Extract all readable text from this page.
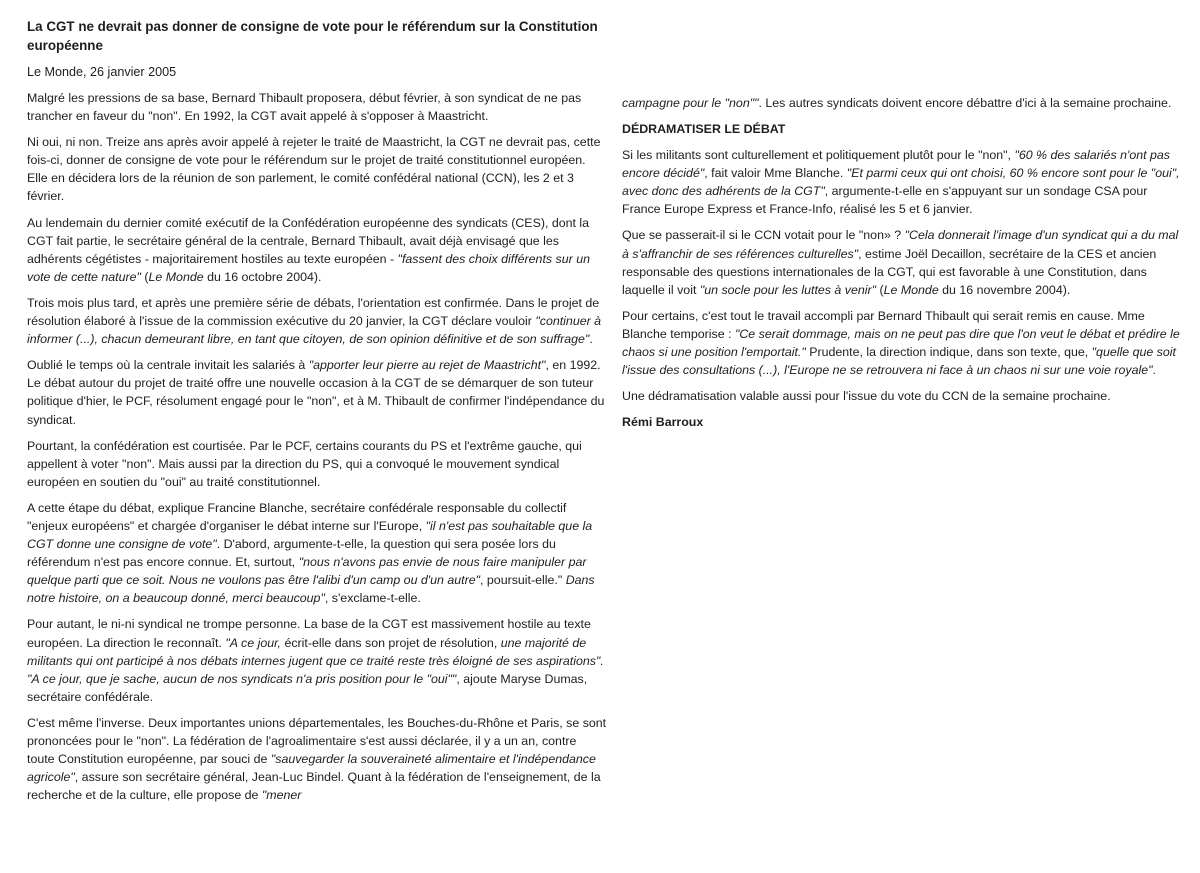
La CGT ne devrait pas donner de consigne de vote pour le référendum sur la Constitution européenne
Le Monde, 26 janvier 2005

Malgré les pressions de sa base, Bernard Thibault proposera, début février, à son syndicat de ne pas trancher en faveur du "non". En 1992, la CGT avait appelé à s'opposer à Maastricht.

Ni oui, ni non. Treize ans après avoir appelé à rejeter le traité de Maastricht, la CGT ne devrait pas, cette fois-ci, donner de consigne de vote pour le référendum sur le projet de traité constitutionnel européen. Elle en décidera lors de la réunion de son parlement, le comité confédéral national (CCN), les 2 et 3 février.

Au lendemain du dernier comité exécutif de la Confédération européenne des syndicats (CES), dont la CGT fait partie, le secrétaire général de la centrale, Bernard Thibault, avait déjà envisagé que les adhérents cégétistes - majoritairement hostiles au texte européen - "fassent des choix différents sur un vote de cette nature" (Le Monde du 16 octobre 2004).

Trois mois plus tard, et après une première série de débats, l'orientation est confirmée. Dans le projet de résolution élaboré à l'issue de la commission exécutive du 20 janvier, la CGT déclare vouloir "continuer à informer (...), chacun demeurant libre, en tant que citoyen, de son opinion définitive et de son suffrage".

Oublié le temps où la centrale invitait les salariés à "apporter leur pierre au rejet de Maastricht", en 1992. Le débat autour du projet de traité offre une nouvelle occasion à la CGT de se démarquer de son tuteur politique d'hier, le PCF, résolument engagé pour le "non", et à M. Thibault de confirmer l'indépendance du syndicat.

Pourtant, la confédération est courtisée. Par le PCF, certains courants du PS et l'extrême gauche, qui appellent à voter "non". Mais aussi par la direction du PS, qui a convoqué le mouvement syndical européen en soutien du "oui" au traité constitutionnel.

A cette étape du débat, explique Francine Blanche, secrétaire confédérale responsable du collectif "enjeux européens" et chargée d'organiser le débat interne sur l'Europe, "il n'est pas souhaitable que la CGT donne une consigne de vote". D'abord, argumente-t-elle, la question qui sera posée lors du référendum n'est pas encore connue. Et, surtout, "nous n'avons pas envie de nous faire manipuler par quelque parti que ce soit. Nous ne voulons pas être l'alibi d'un camp ou d'un autre", poursuit-elle." Dans notre histoire, on a beaucoup donné, merci beaucoup", s'exclame-t-elle.

Pour autant, le ni-ni syndical ne trompe personne. La base de la CGT est massivement hostile au texte européen. La direction le reconnaît. "A ce jour, écrit-elle dans son projet de résolution, une majorité de militants qui ont participé à nos débats internes jugent que ce traité reste très éloigné de ses aspirations". "A ce jour, que je sache, aucun de nos syndicats n'a pris position pour le "oui"", ajoute Maryse Dumas, secrétaire confédérale.

C'est même l'inverse. Deux importantes unions départementales, les Bouches-du-Rhône et Paris, se sont prononcées pour le "non". La fédération de l'agroalimentaire s'est aussi déclarée, il y a un an, contre toute Constitution européenne, par souci de "sauvegarder la souveraineté alimentaire et l'indépendance agricole", assure son secrétaire général, Jean-Luc Bindel. Quant à la fédération de l'enseignement, de la recherche et de la culture, elle propose de "mener

campagne pour le "non"". Les autres syndicats doivent encore débattre d'ici à la semaine prochaine.

DÉDRAMATISER LE DÉBAT

Si les militants sont culturellement et politiquement plutôt pour le "non", "60 % des salariés n'ont pas encore décidé", fait valoir Mme Blanche. "Et parmi ceux qui ont choisi, 60 % encore sont pour le "oui", avec donc des adhérents de la CGT", argumente-t-elle en s'appuyant sur un sondage CSA pour France Europe Express et France-Info, réalisé les 5 et 6 janvier.

Que se passerait-il si le CCN votait pour le "non» ? "Cela donnerait l'image d'un syndicat qui a du mal à s'affranchir de ses références culturelles", estime Joël Decaillon, secrétaire de la CES et ancien responsable des questions internationales de la CGT, qui est favorable à une Constitution, dans laquelle il voit "un socle pour les luttes à venir" (Le Monde du 16 novembre 2004).

Pour certains, c'est tout le travail accompli par Bernard Thibault qui serait remis en cause. Mme Blanche temporise : "Ce serait dommage, mais on ne peut pas dire que l'on veut le débat et prédire le chaos si une position l'emportait." Prudente, la direction indique, dans son texte, que, "quelle que soit l'issue des consultations (...), l'Europe ne se retrouvera ni face à un chaos ni sur une voie royale".

Une dédramatisation valable aussi pour l'issue du vote du CCN de la semaine prochaine.

Rémi Barroux
